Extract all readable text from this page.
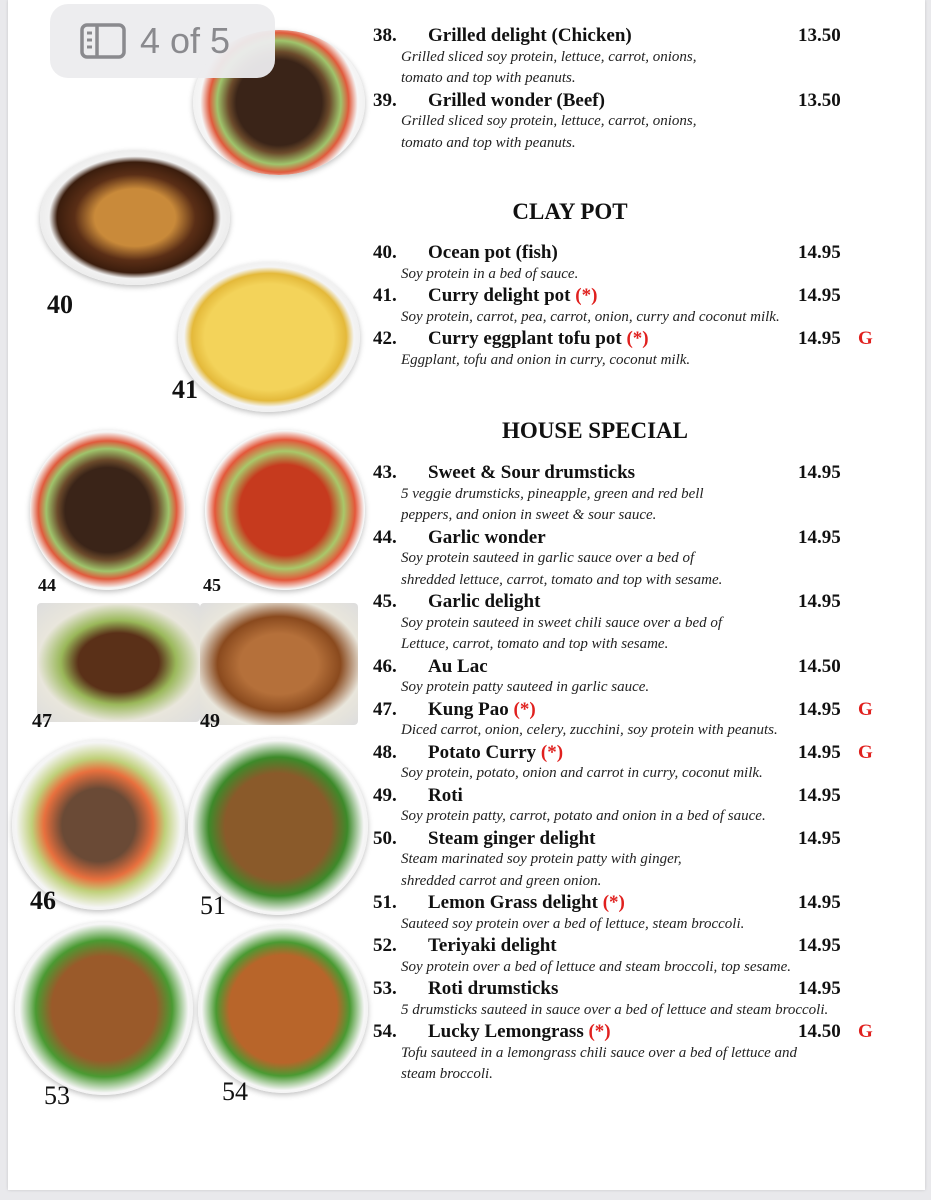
40
41
44	45
47	49
46	51
53	54
CLAY POT
HOUSE SPECIAL
38. Grilled delight (Chicken)	13.50
Grilled sliced soy protein, lettuce, carrot, onions,
tomato and top with peanuts.
39. Grilled wonder (Beef)	13.50
Grilled sliced soy protein, lettuce, carrot, onions,
tomato and top with peanuts.
40. Ocean pot (fish)	14.95
Soy protein in a bed of sauce.
41. Curry delight pot (*)	14.95
Soy protein, carrot, pea, carrot, onion, curry and coconut milk.
42. Curry eggplant tofu pot (*)	14.95 G
Eggplant, tofu and onion in curry, coconut milk.
43. Sweet & Sour drumsticks	14.95
5 veggie drumsticks, pineapple, green and red bell
peppers, and onion in sweet & sour sauce.
44. Garlic wonder	14.95
Soy protein sauteed in garlic sauce over a bed of
shredded lettuce, carrot, tomato and top with sesame.
45. Garlic delight	14.95
Soy protein sauteed in sweet chili sauce over a bed of
Lettuce, carrot, tomato and top with sesame.
46. Au Lac	14.50
Soy protein patty sauteed in garlic sauce.
47. Kung Pao (*)	14.95 G
Diced carrot, onion, celery, zucchini, soy protein with peanuts.
48. Potato Curry (*)	14.95 G
Soy protein, potato, onion and carrot in curry, coconut milk.
49. Roti	14.95
Soy protein patty, carrot, potato and onion in a bed of sauce.
50. Steam ginger delight	14.95
Steam marinated soy protein patty with ginger,
shredded carrot and green onion.
51. Lemon Grass delight (*)	14.95
Sauteed soy protein over a bed of lettuce, steam broccoli.
52. Teriyaki delight	14.95
Soy protein over a bed of lettuce and steam broccoli, top sesame.
53. Roti drumsticks	14.95
5 drumsticks sauteed in sauce over a bed of lettuce and steam broccoli.
54. Lucky Lemongrass (*)	14.50 G
Tofu sauteed in a lemongrass chili sauce over a bed of lettuce and
steam broccoli.
4 of 5
